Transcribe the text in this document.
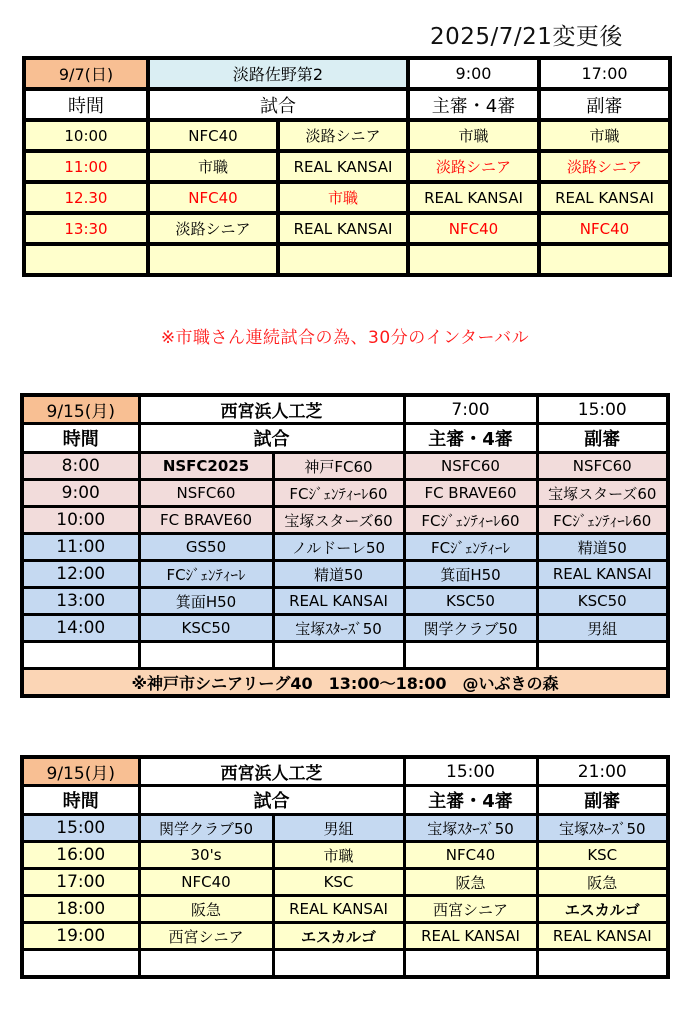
2025/7/21変更後
9/7(日)	淡路佐野第2		9:00	17:00
時間	試合		主審・4審	副審
10:00	NFC40	淡路シニア	市職	市職
11:00	市職	REAL KANSAI	淡路シニア	淡路シニア
12.30	NFC40	市職	REAL KANSAI	REAL KANSAI
13:30	淡路シニア	REAL KANSAI	NFC40	NFC40

※市職さん連続試合の為、30分のインターバル
9/15(月)	西宮浜人工芝		7:00	15:00
時間	試合		主審・4審	副審
8:00	NSFC2025	神戸FC60	NSFC60	NSFC60
9:00	NSFC60	FCｼﾞｪﾝﾃｨｰﾚ60	FC BRAVE60	宝塚スターズ60
10:00	FC BRAVE60	宝塚スターズ60	FCｼﾞｪﾝﾃｨｰﾚ60	FCｼﾞｪﾝﾃｨｰﾚ60
11:00	GS50	ノルドーレ50	FCｼﾞｪﾝﾃｨｰﾚ	精道50
12:00	FCｼﾞｪﾝﾃｨｰﾚ	精道50	箕面H50	REAL KANSAI
13:00	箕面H50	REAL KANSAI	KSC50	KSC50
14:00	KSC50	宝塚ｽﾀｰｽﾞ50	関学クラブ50	男組

※神戸市シニアリーグ40　13:00～18:00　@いぶきの森				
9/15(月)	西宮浜人工芝		15:00	21:00
時間	試合		主審・4審	副審
15:00	関学クラブ50	男組	宝塚ｽﾀｰｽﾞ50	宝塚ｽﾀｰｽﾞ50
16:00	30's	市職	NFC40	KSC
17:00	NFC40	KSC	阪急	阪急
18:00	阪急	REAL KANSAI	西宮シニア	エスカルゴ
19:00	西宮シニア	エスカルゴ	REAL KANSAI	REAL KANSAI
